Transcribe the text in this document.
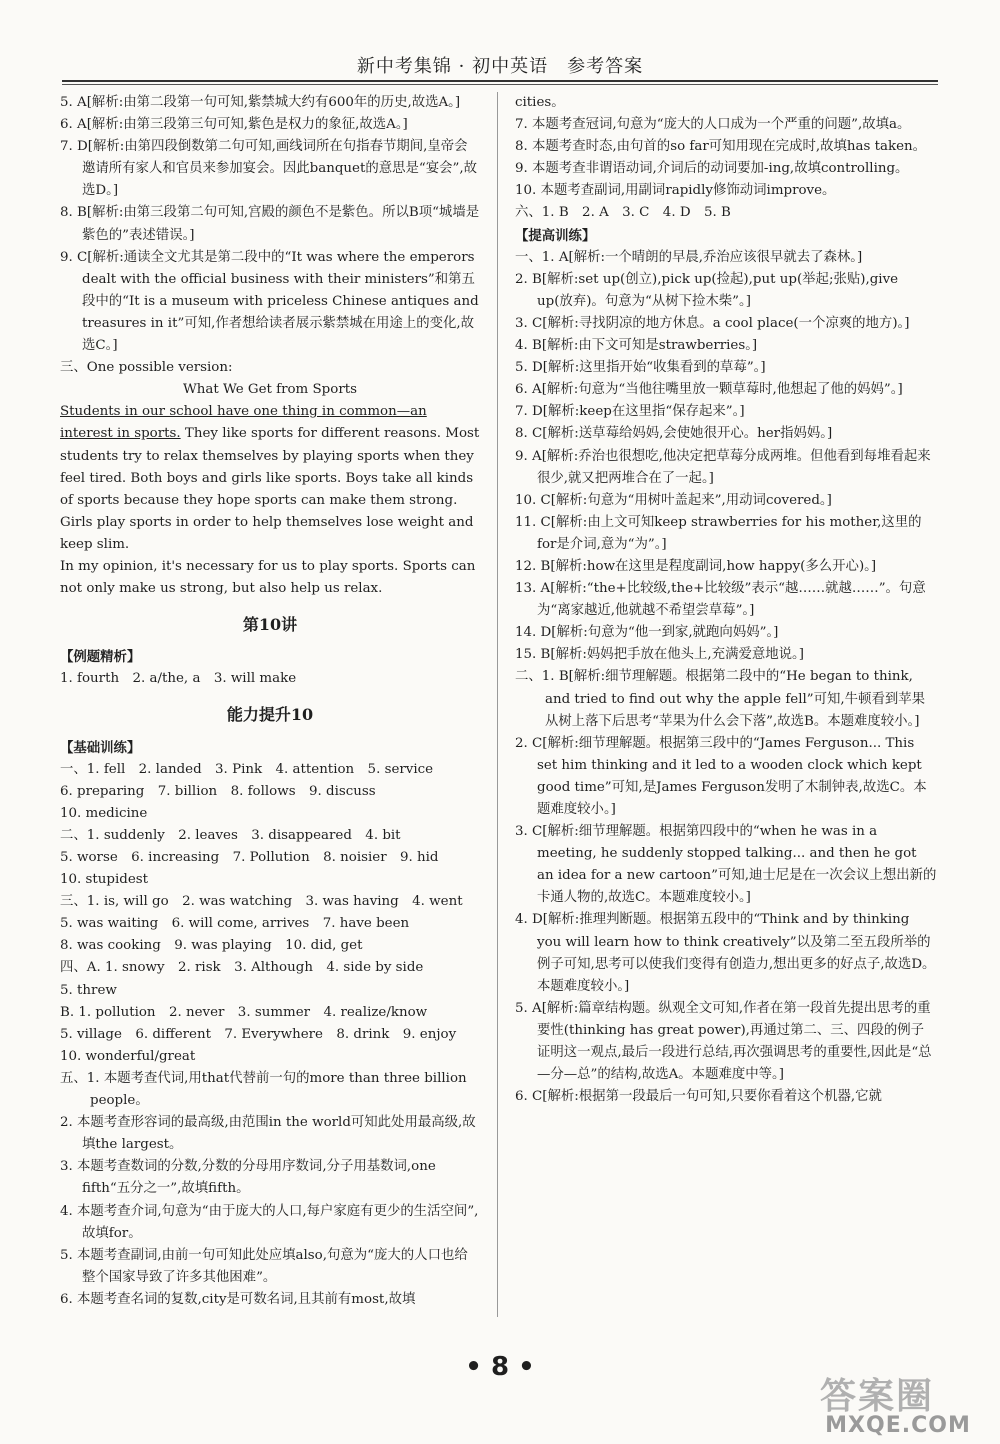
新中考集锦 · 初中英语　参考答案

5. A[解析:由第二段第一句可知,紫禁城大约有600年的历史,故选A。]

6. A[解析:由第三段第三句可知,紫色是权力的象征,故选A。]

7. D[解析:由第四段倒数第二句可知,画线词所在句指春节期间,皇帝会邀请所有家人和官员来参加宴会。因此banquet的意思是“宴会”,故选D。]

8. B[解析:由第三段第二句可知,宫殿的颜色不是紫色。所以B项“城墙是紫色的”表述错误。]

9. C[解析:通读全文尤其是第二段中的“It was where the emperors dealt with the official business with their ministers”和第五段中的“It is a museum with priceless Chinese antiques and treasures in it”可知,作者想给读者展示紫禁城在用途上的变化,故选C。]

三、One possible version:

What We Get from Sports

Students in our school have one thing in common—an interest in sports. They like sports for different reasons. Most students try to relax themselves by playing sports when they feel tired. Both boys and girls like sports. Boys take all kinds of sports because they hope sports can make them strong. Girls play sports in order to help themselves lose weight and keep slim.

In my opinion, it's necessary for us to play sports. Sports can not only make us strong, but also help us relax.

第10讲

【例题精析】

1. fourth　2. a/the, a　3. will make

能力提升10

【基础训练】

一、1. fell　2. landed　3. Pink　4. attention　5. service

6. preparing　7. billion　8. follows　9. discuss

10. medicine

二、1. suddenly　2. leaves　3. disappeared　4. bit

5. worse　6. increasing　7. Pollution　8. noisier　9. hid

10. stupidest

三、1. is, will go　2. was watching　3. was having　4. went

5. was waiting　6. will come, arrives　7. have been

8. was cooking　9. was playing　10. did, get

四、A. 1. snowy　2. risk　3. Although　4. side by side

5. threw

B. 1. pollution　2. never　3. summer　4. realize/know

5. village　6. different　7. Everywhere　8. drink　9. enjoy

10. wonderful/great

五、1. 本题考查代词,用that代替前一句的more than three billion people。

2. 本题考查形容词的最高级,由范围in the world可知此处用最高级,故填the largest。

3. 本题考查数词的分数,分数的分母用序数词,分子用基数词,one fifth“五分之一”,故填fifth。

4. 本题考查介词,句意为“由于庞大的人口,每户家庭有更少的生活空间”,故填for。

5. 本题考查副词,由前一句可知此处应填also,句意为“庞大的人口也给整个国家导致了许多其他困难”。

6. 本题考查名词的复数,city是可数名词,且其前有most,故填

cities。

7. 本题考查冠词,句意为“庞大的人口成为一个严重的问题”,故填a。

8. 本题考查时态,由句首的so far可知用现在完成时,故填has taken。

9. 本题考查非谓语动词,介词后的动词要加-ing,故填controlling。

10. 本题考查副词,用副词rapidly修饰动词improve。

六、1. B　2. A　3. C　4. D　5. B

【提高训练】

一、1. A[解析:一个晴朗的早晨,乔治应该很早就去了森林。]

2. B[解析:set up(创立),pick up(捡起),put up(举起;张贴),give up(放弃)。句意为“从树下捡木柴”。]

3. C[解析:寻找阴凉的地方休息。a cool place(一个凉爽的地方)。]

4. B[解析:由下文可知是strawberries。]

5. D[解析:这里指开始“收集看到的草莓”。]

6. A[解析:句意为“当他往嘴里放一颗草莓时,他想起了他的妈妈”。]

7. D[解析:keep在这里指“保存起来”。]

8. C[解析:送草莓给妈妈,会使她很开心。her指妈妈。]

9. A[解析:乔治也很想吃,他决定把草莓分成两堆。但他看到每堆看起来很少,就又把两堆合在了一起。]

10. C[解析:句意为“用树叶盖起来”,用动词covered。]

11. C[解析:由上文可知keep strawberries for his mother,这里的for是介词,意为“为”。]

12. B[解析:how在这里是程度副词,how happy(多么开心)。]

13. A[解析:“the+比较级,the+比较级”表示“越……就越……”。句意为“离家越近,他就越不希望尝草莓”。]

14. D[解析:句意为“他一到家,就跑向妈妈”。]

15. B[解析:妈妈把手放在他头上,充满爱意地说。]

二、1. B[解析:细节理解题。根据第二段中的“He began to think, and tried to find out why the apple fell”可知,牛顿看到苹果从树上落下后思考“苹果为什么会下落”,故选B。本题难度较小。]

2. C[解析:细节理解题。根据第三段中的“James Ferguson... This set him thinking and it led to a wooden clock which kept good time”可知,是James Ferguson发明了木制钟表,故选C。本题难度较小。]

3. C[解析:细节理解题。根据第四段中的“when he was in a meeting, he suddenly stopped talking... and then he got an idea for a new cartoon”可知,迪士尼是在一次会议上想出新的卡通人物的,故选C。本题难度较小。]

4. D[解析:推理判断题。根据第五段中的“Think and by thinking you will learn how to think creatively”以及第二至五段所举的例子可知,思考可以使我们变得有创造力,想出更多的好点子,故选D。本题难度较小。]

5. A[解析:篇章结构题。纵观全文可知,作者在第一段首先提出思考的重要性(thinking has great power),再通过第二、三、四段的例子证明这一观点,最后一段进行总结,再次强调思考的重要性,因此是“总—分—总”的结构,故选A。本题难度中等。]

6. C[解析:根据第一段最后一句可知,只要你看着这个机器,它就

• 8 •
答案圈
MXQE.COM
